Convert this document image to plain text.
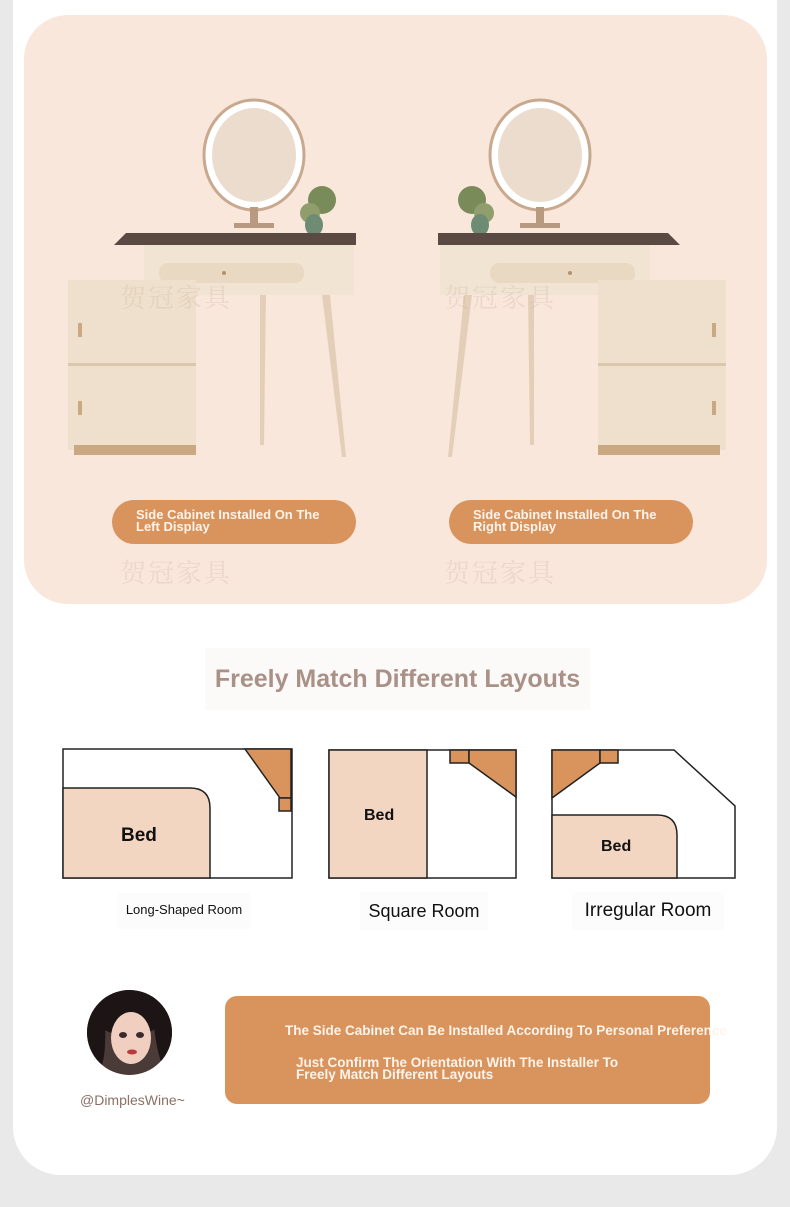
贺冠家具	贺冠家具
贺冠家具	贺冠家具
Side Cabinet Installed On The
Left Display
Side Cabinet Installed On The
Right Display
Freely Match Different Layouts
Bed
Long-Shaped Room
Bed
Square Room
Bed
Irregular Room
@DimplesWine~
The Side Cabinet Can Be Installed According To Personal Preference
Just Confirm The Orientation With The Installer To
Freely Match Different Layouts
